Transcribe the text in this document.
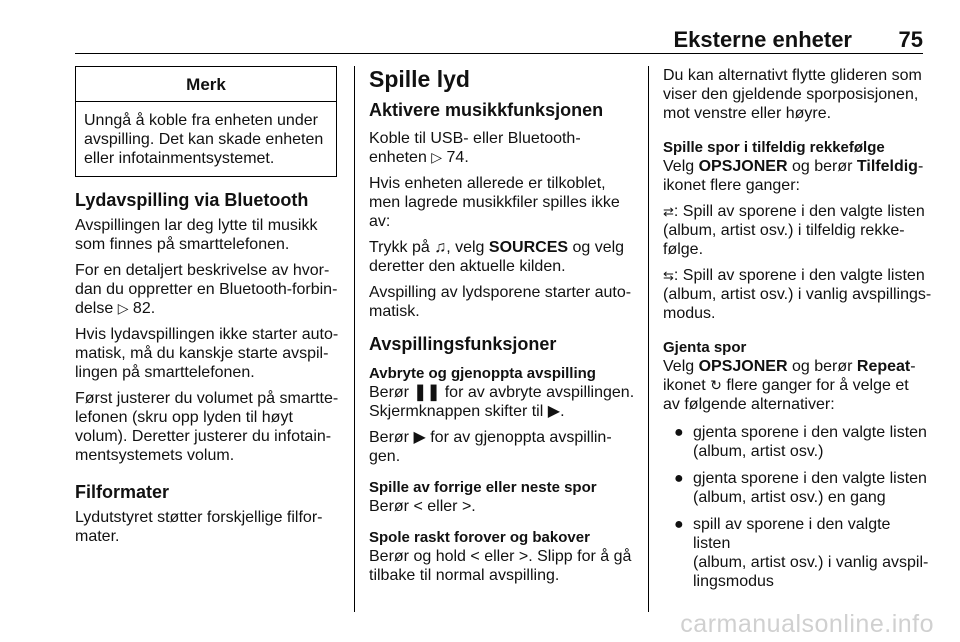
Eksterne enheter 75
Merk
Unngå å koble fra enheten under
avspilling. Det kan skade enheten
eller infotainmentsystemet.
Lydavspilling via Bluetooth

Avspillingen lar deg lytte til musikk
som finnes på smarttelefonen.

For en detaljert beskrivelse av hvor-
dan du oppretter en Bluetooth-forbin-
delse ▷ 82.

Hvis lydavspillingen ikke starter auto-
matisk, må du kanskje starte avspil-
lingen på smarttelefonen.

Først justerer du volumet på smartte-
lefonen (skru opp lyden til høyt
volum). Deretter justerer du infotain-
mentsystemets volum.

Filformater

Lydutstyret støtter forskjellige filfor-
mater.

Spille lyd
Aktivere musikkfunksjonen

Koble til USB- eller Bluetooth-
enheten ▷ 74.

Hvis enheten allerede er tilkoblet,
men lagrede musikkfiler spilles ikke
av:

Trykk på ♫, velg SOURCES og velg
deretter den aktuelle kilden.

Avspilling av lydsporene starter auto-
matisk.

Avspillingsfunksjoner
Avbryte og gjenoppta avspilling

Berør ❚❚ for av avbryte avspillingen.
Skjermknappen skifter til ▶.

Berør ▶ for av gjenoppta avspillin-
gen.

Spille av forrige eller neste spor

Berør < eller >.

Spole raskt forover og bakover

Berør og hold < eller >. Slipp for å gå
tilbake til normal avspilling.

Du kan alternativt flytte glideren som
viser den gjeldende sporposisjonen,
mot venstre eller høyre.

Spille spor i tilfeldig rekkefølge

Velg OPSJONER og berør Tilfeldig-
ikonet flere ganger:

⇄: Spill av sporene i den valgte listen
(album, artist osv.) i tilfeldig rekke-
følge.

⇆: Spill av sporene i den valgte listen
(album, artist osv.) i vanlig avspillings-
modus.

Gjenta spor

Velg OPSJONER og berør Repeat-
ikonet ↻ flere ganger for å velge et
av følgende alternativer:

● gjenta sporene i den valgte listen
(album, artist osv.)
● gjenta sporene i den valgte listen
(album, artist osv.) en gang
● spill av sporene i den valgte listen
(album, artist osv.) i vanlig avspil-
lingsmodus
carmanualsonline.info
